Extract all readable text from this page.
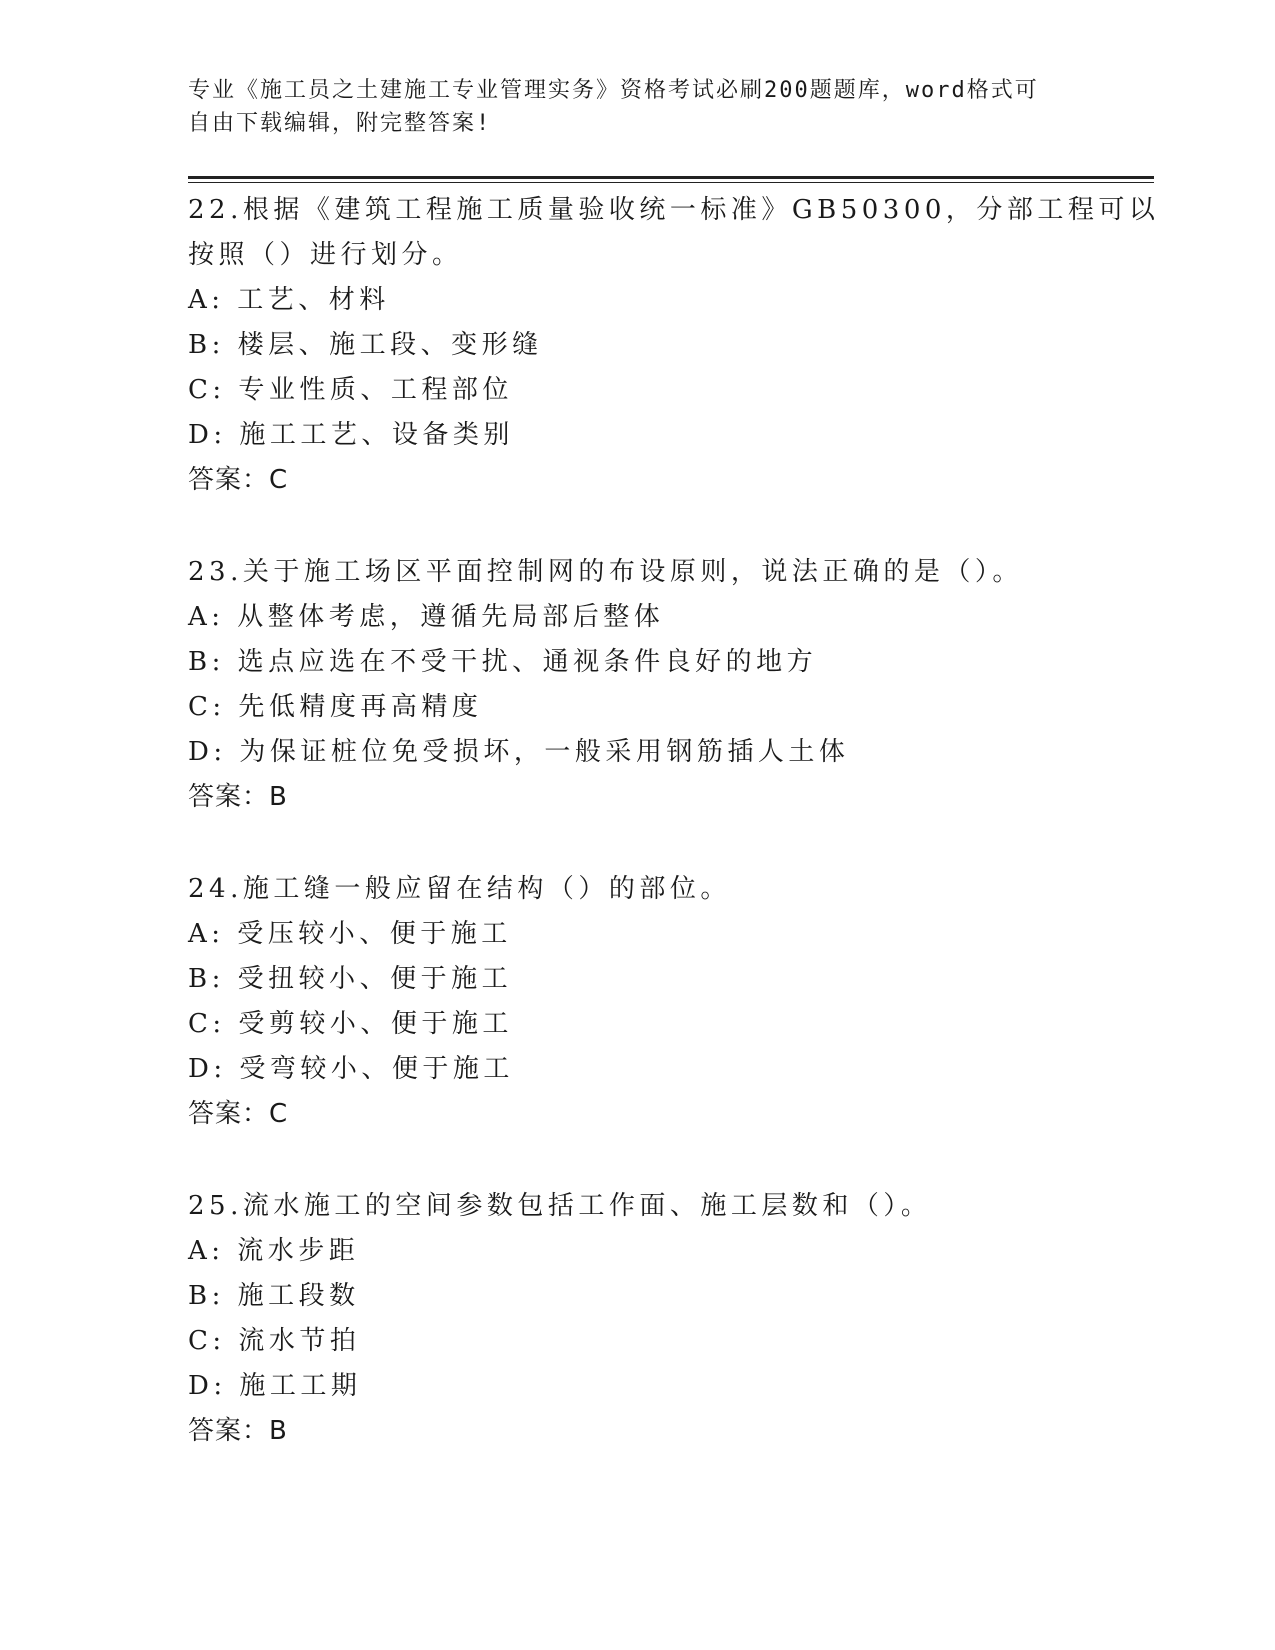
专业《施工员之土建施工专业管理实务》资格考试必刷200题题库，word格式可
自由下载编辑，附完整答案!
22.根据《建筑工程施工质量验收统一标准》GB50300，分部工程可以
按照（）进行划分。
A: 工艺、材料
B: 楼层、施工段、变形缝
C: 专业性质、工程部位
D: 施工工艺、设备类别
答案：C
23.关于施工场区平面控制网的布设原则，说法正确的是（）。
A: 从整体考虑，遵循先局部后整体
B: 选点应选在不受干扰、通视条件良好的地方
C: 先低精度再高精度
D: 为保证桩位免受损坏，一般采用钢筋插人土体
答案：B
24.施工缝一般应留在结构（）的部位。
A: 受压较小、便于施工
B: 受扭较小、便于施工
C: 受剪较小、便于施工
D: 受弯较小、便于施工
答案：C
25.流水施工的空间参数包括工作面、施工层数和（）。
A: 流水步距
B: 施工段数
C: 流水节拍
D: 施工工期
答案：B
